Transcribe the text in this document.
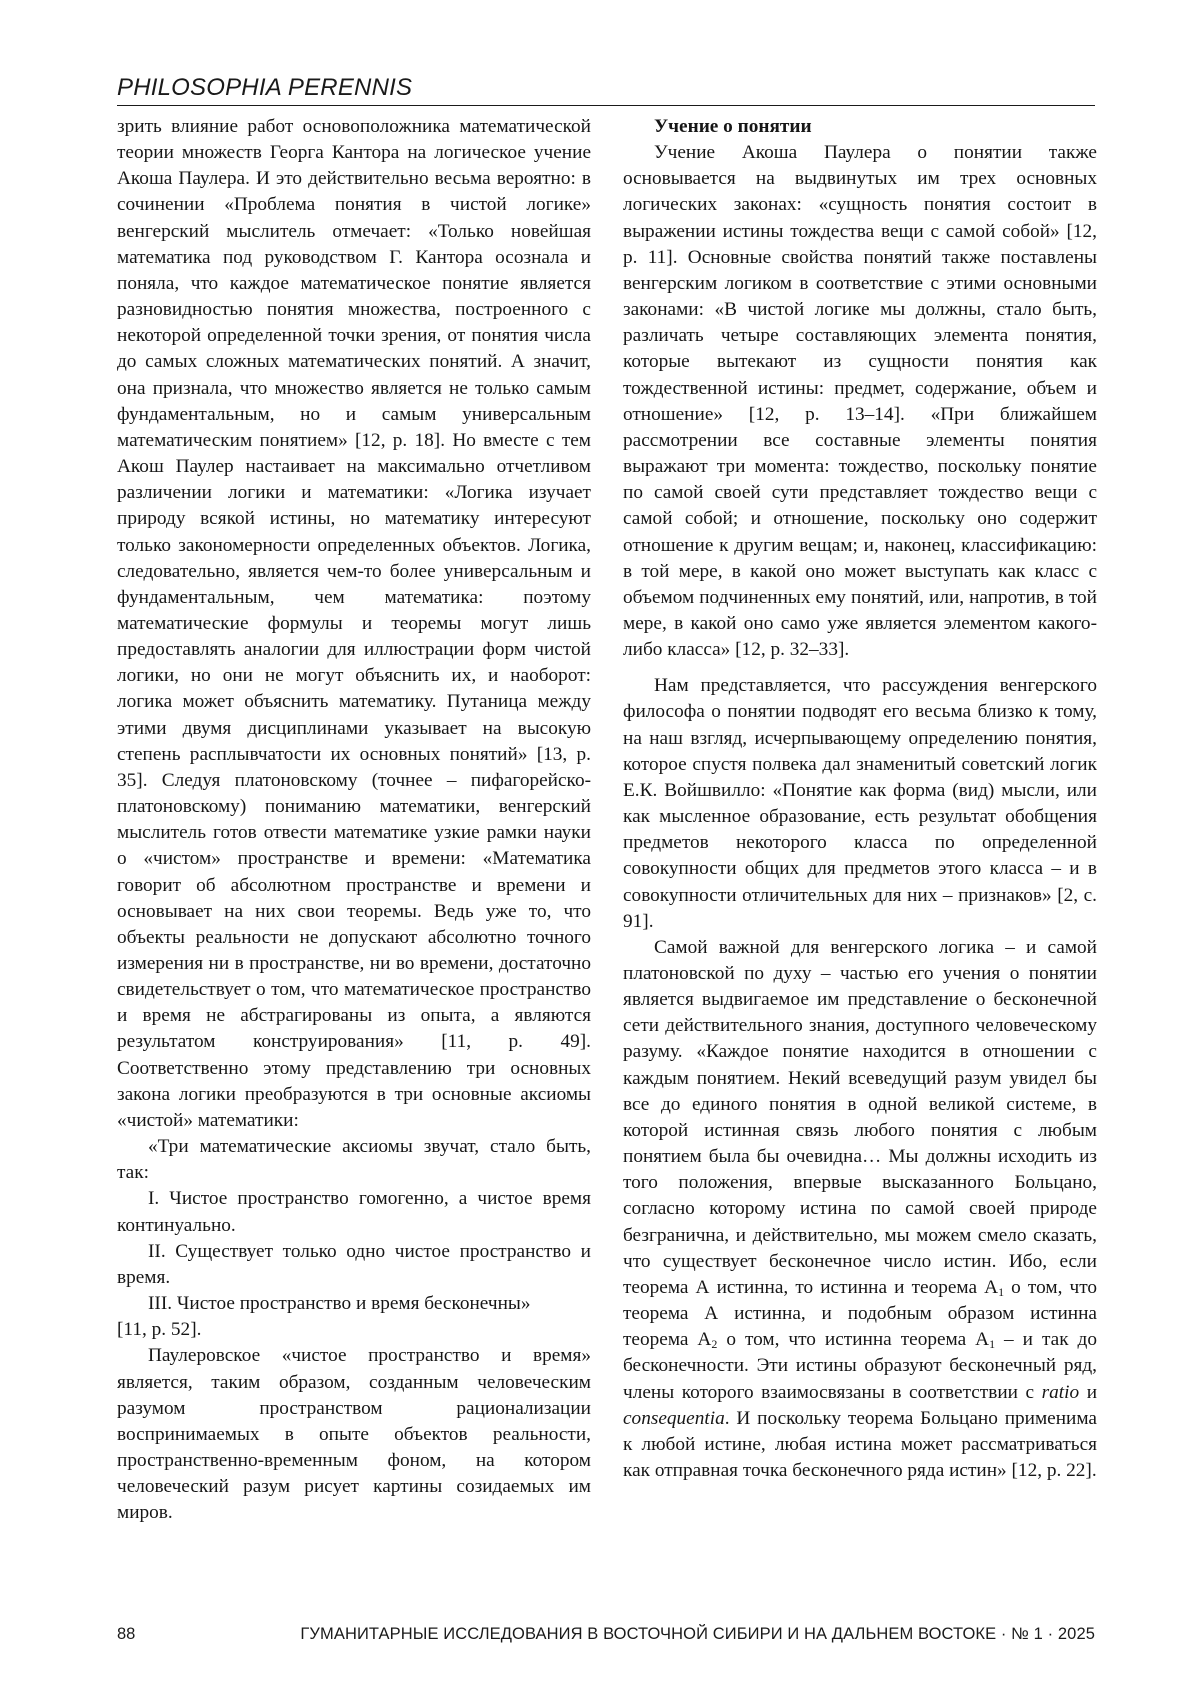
PHILOSOPHIA PERENNIS

зрить влияние работ основоположника математической теории множеств Георга Кантора на логическое учение Акоша Паулера. И это действительно весьма вероятно: в сочинении «Проблема понятия в чистой логике» венгерский мыслитель отмечает: «Только новейшая математика под руководством Г. Кантора осознала и поняла, что каждое математическое понятие является разновидностью понятия множества, построенного с некоторой определенной точки зрения, от понятия числа до самых сложных математических понятий. А значит, она признала, что множество является не только самым фундаментальным, но и самым универсальным математическим понятием» [12, p. 18]. Но вместе с тем Акош Паулер настаивает на максимально отчетливом различении логики и математики: «Логика изучает природу всякой истины, но математику интересуют только закономерности определенных объектов. Логика, следовательно, является чем-то более универсальным и фундаментальным, чем математика: поэтому математические формулы и теоремы могут лишь предоставлять аналогии для иллюстрации форм чистой логики, но они не могут объяснить их, и наоборот: логика может объяснить математику. Путаница между этими двумя дисциплинами указывает на высокую степень расплывчатости их основных понятий» [13, p. 35]. Следуя платоновскому (точнее – пифагорейско-платоновскому) пониманию математики, венгерский мыслитель готов отвести математике узкие рамки науки о «чистом» пространстве и времени: «Математика говорит об абсолютном пространстве и времени и основывает на них свои теоремы. Ведь уже то, что объекты реальности не допускают абсолютно точного измерения ни в пространстве, ни во времени, достаточно свидетельствует о том, что математическое пространство и время не абстрагированы из опыта, а являются результатом конструирования» [11, p. 49]. Соответственно этому представлению три основных закона логики преобразуются в три основные аксиомы «чистой» математики:

«Три математические аксиомы звучат, стало быть, так:

I. Чистое пространство гомогенно, а чистое время континуально.

II. Существует только одно чистое пространство и время.

III. Чистое пространство и время бесконечны»
[11, p. 52].

Паулеровское «чистое пространство и время» является, таким образом, созданным человеческим разумом пространством рационализации воспринимаемых в опыте объектов реальности, пространственно-временным фоном, на котором человеческий разум рисует картины созидаемых им миров.

Учение о понятии

Учение Акоша Паулера о понятии также основывается на выдвинутых им трех основных логических законах: «сущность понятия состоит в выражении истины тождества вещи с самой собой» [12, p. 11]. Основные свойства понятий также поставлены венгерским логиком в соответствие с этими основными законами: «В чистой логике мы должны, стало быть, различать четыре составляющих элемента понятия, которые вытекают из сущности понятия как тождественной истины: предмет, содержание, объем и отношение» [12, p. 13–14]. «При ближайшем рассмотрении все составные элементы понятия выражают три момента: тождество, поскольку понятие по самой своей сути представляет тождество вещи с самой собой; и отношение, поскольку оно содержит отношение к другим вещам; и, наконец, классификацию: в той мере, в какой оно может выступать как класс с объемом подчиненных ему понятий, или, напротив, в той мере, в какой оно само уже является элементом какого-либо класса» [12, p. 32–33].

Нам представляется, что рассуждения венгерского философа о понятии подводят его весьма близко к тому, на наш взгляд, исчерпывающему определению понятия, которое спустя полвека дал знаменитый советский логик Е.К. Войшвилло: «Понятие как форма (вид) мысли, или как мысленное образование, есть результат обобщения предметов некоторого класса по определенной совокупности общих для предметов этого класса – и в совокупности отличительных для них – признаков» [2, с. 91].

Самой важной для венгерского логика – и самой платоновской по духу – частью его учения о понятии является выдвигаемое им представление о бесконечной сети действительного знания, доступного человеческому разуму. «Каждое понятие находится в отношении с каждым понятием. Некий всеведущий разум увидел бы все до единого понятия в одной великой системе, в которой истинная связь любого понятия с любым понятием была бы очевидна… Мы должны исходить из того положения, впервые высказанного Больцано, согласно которому истина по самой своей природе безгранична, и действительно, мы можем смело сказать, что существует бесконечное число истин. Ибо, если теорема А истинна, то истинна и теорема $А_1$ о том, что теорема А истинна, и подобным образом истинна теорема $А_2$ о том, что истинна теорема $А_1$ – и так до бесконечности. Эти истины образуют бесконечный ряд, члены которого взаимосвязаны в соответствии с ratio и consequentia. И поскольку теорема Больцано применима к любой истине, любая истина может рассматриваться как отправная точка бесконечного ряда истин» [12, p. 22].

88	ГУМАНИТАРНЫЕ ИССЛЕДОВАНИЯ В ВОСТОЧНОЙ СИБИРИ И НА ДАЛЬНЕМ ВОСТОКЕ · № 1 · 2025
